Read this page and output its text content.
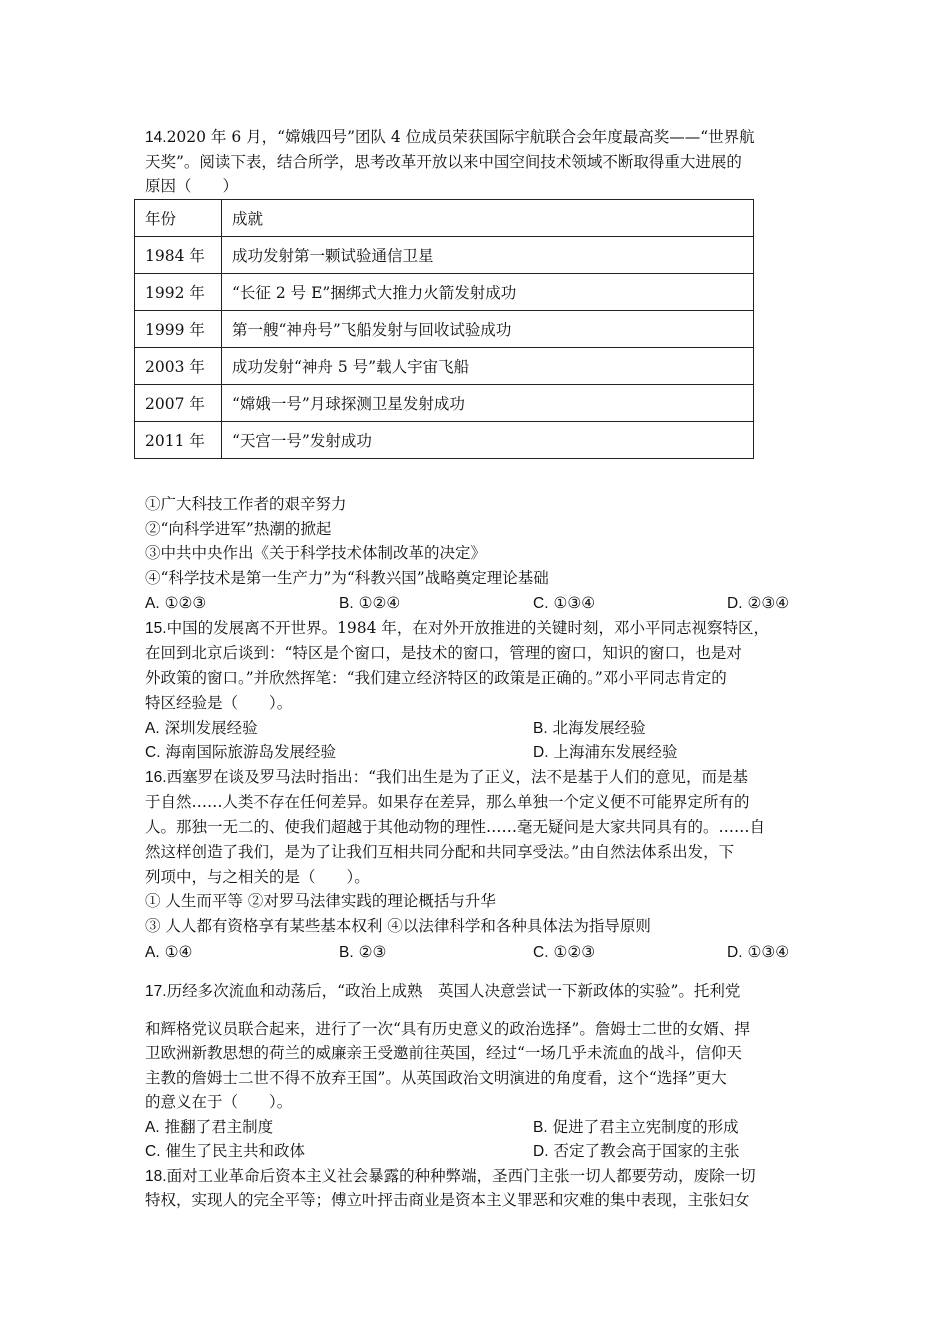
14.2020 年 6 月，“嫦娥四号”团队 4 位成员荣获国际宇航联合会年度最高奖——“世界航
天奖”。阅读下表，结合所学，思考改革开放以来中国空间技术领域不断取得重大进展的
原因（　　）
年份	成就
1984 年	成功发射第一颗试验通信卫星
1992 年	“长征 2 号 E”捆绑式大推力火箭发射成功
1999 年	第一艘“神舟号”飞船发射与回收试验成功
2003 年	成功发射“神舟 5 号”载人宇宙飞船
2007 年	“嫦娥一号”月球探测卫星发射成功
2011 年	“天宫一号”发射成功
①广大科技工作者的艰辛努力
②“向科学进军”热潮的掀起
③中共中央作出《关于科学技术体制改革的决定》
④“科学技术是第一生产力”为“科教兴国”战略奠定理论基础
A. ①②③	B. ①②④	C. ①③④	D. ②③④
15.中国的发展离不开世界。1984 年，在对外开放推进的关键时刻，邓小平同志视察特区，
在回到北京后谈到：“特区是个窗口，是技术的窗口，管理的窗口，知识的窗口，也是对
外政策的窗口。”并欣然挥笔：“我们建立经济特区的政策是正确的。”邓小平同志肯定的
特区经验是（　　）。
A. 深圳发展经验	B. 北海发展经验
C. 海南国际旅游岛发展经验	D. 上海浦东发展经验
16.西塞罗在谈及罗马法时指出：“我们出生是为了正义，法不是基于人们的意见，而是基
于自然……人类不存在任何差异。如果存在差异，那么单独一个定义便不可能界定所有的
人。那独一无二的、使我们超越于其他动物的理性……毫无疑问是大家共同具有的。……自
然这样创造了我们，是为了让我们互相共同分配和共同享受法。”由自然法体系出发，下
列项中，与之相关的是（　　）。
① 人生而平等 ②对罗马法律实践的理论概括与升华
③ 人人都有资格享有某些基本权利 ④以法律科学和各种具体法为指导原则
A. ①④	B. ②③	C. ①②③	D. ①③④
17.历经多次流血和动荡后，“政治上成熟　英国人决意尝试一下新政体的实验”。托利党
和辉格党议员联合起来，进行了一次“具有历史意义的政治选择”。詹姆士二世的女婿、捍
卫欧洲新教思想的荷兰的威廉亲王受邀前往英国，经过“一场几乎未流血的战斗，信仰天
主教的詹姆士二世不得不放弃王国”。从英国政治文明演进的角度看，这个“选择”更大
的意义在于（　　）。
A. 推翻了君主制度	B. 促进了君主立宪制度的形成
C. 催生了民主共和政体	D. 否定了教会高于国家的主张
18.面对工业革命后资本主义社会暴露的种种弊端，圣西门主张一切人都要劳动，废除一切
特权，实现人的完全平等；傅立叶抨击商业是资本主义罪恶和灾难的集中表现，主张妇女
